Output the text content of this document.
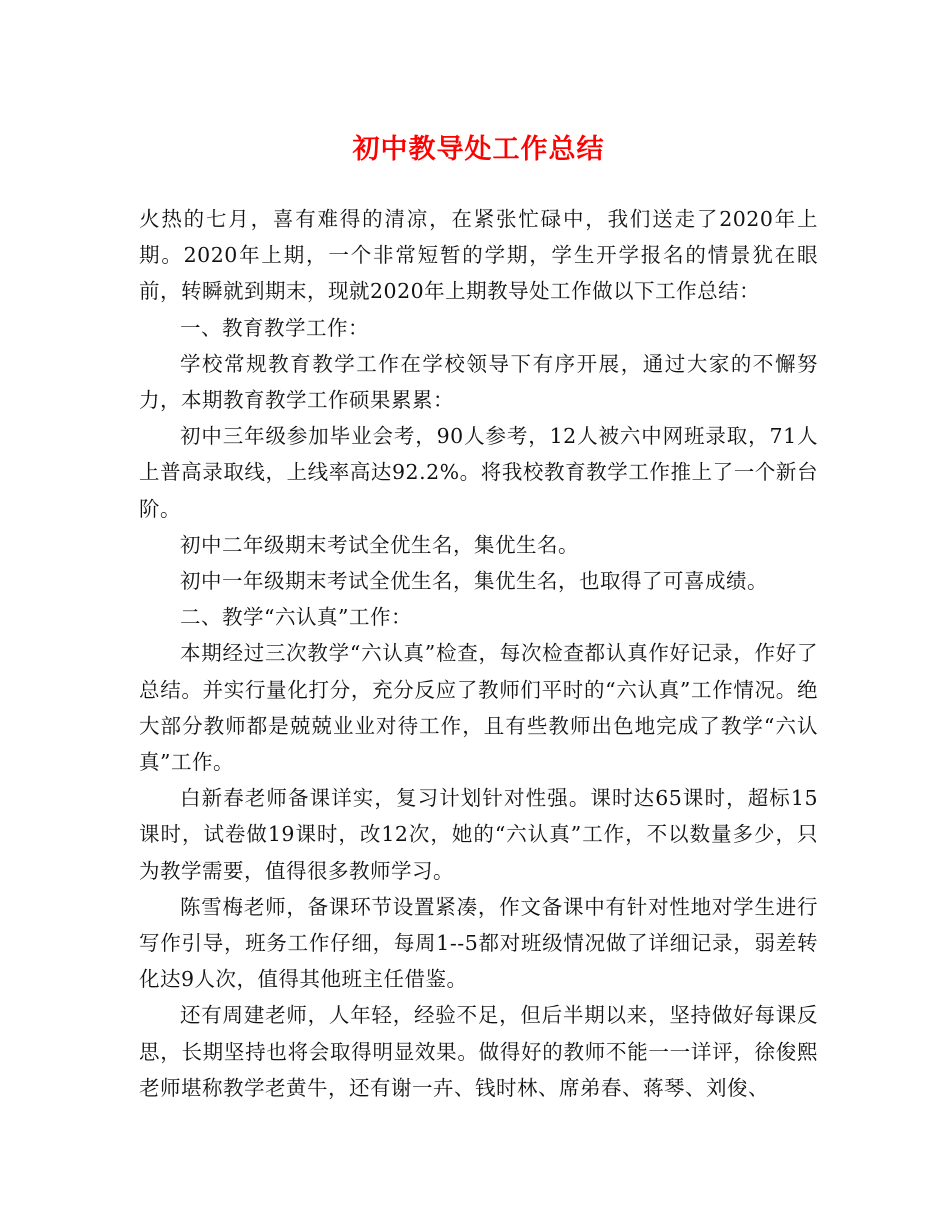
初中教导处工作总结

火热的七月，喜有难得的清凉，在紧张忙碌中，我们送走了2020年上期。2020年上期，一个非常短暂的学期，学生开学报名的情景犹在眼前，转瞬就到期末，现就2020年上期教导处工作做以下工作总结：

一、教育教学工作：

学校常规教育教学工作在学校领导下有序开展，通过大家的不懈努力，本期教育教学工作硕果累累：

初中三年级参加毕业会考，90人参考，12人被六中网班录取，71人上普高录取线，上线率高达92.2%。将我校教育教学工作推上了一个新台阶。

初中二年级期末考试全优生名，集优生名。

初中一年级期末考试全优生名，集优生名，也取得了可喜成绩。

二、教学“六认真”工作：

本期经过三次教学“六认真”检查，每次检查都认真作好记录，作好了总结。并实行量化打分，充分反应了教师们平时的“六认真”工作情况。绝大部分教师都是兢兢业业对待工作，且有些教师出色地完成了教学“六认真”工作。

白新春老师备课详实，复习计划针对性强。课时达65课时，超标15课时，试卷做19课时，改12次，她的“六认真”工作，不以数量多少，只为教学需要，值得很多教师学习。

陈雪梅老师，备课环节设置紧凑，作文备课中有针对性地对学生进行写作引导，班务工作仔细，每周1--5都对班级情况做了详细记录，弱差转化达9人次，值得其他班主任借鉴。

还有周建老师，人年轻，经验不足，但后半期以来，坚持做好每课反思，长期坚持也将会取得明显效果。做得好的教师不能一一详评，徐俊熙老师堪称教学老黄牛，还有谢一卉、钱时林、席弟春、蒋琴、刘俊、
